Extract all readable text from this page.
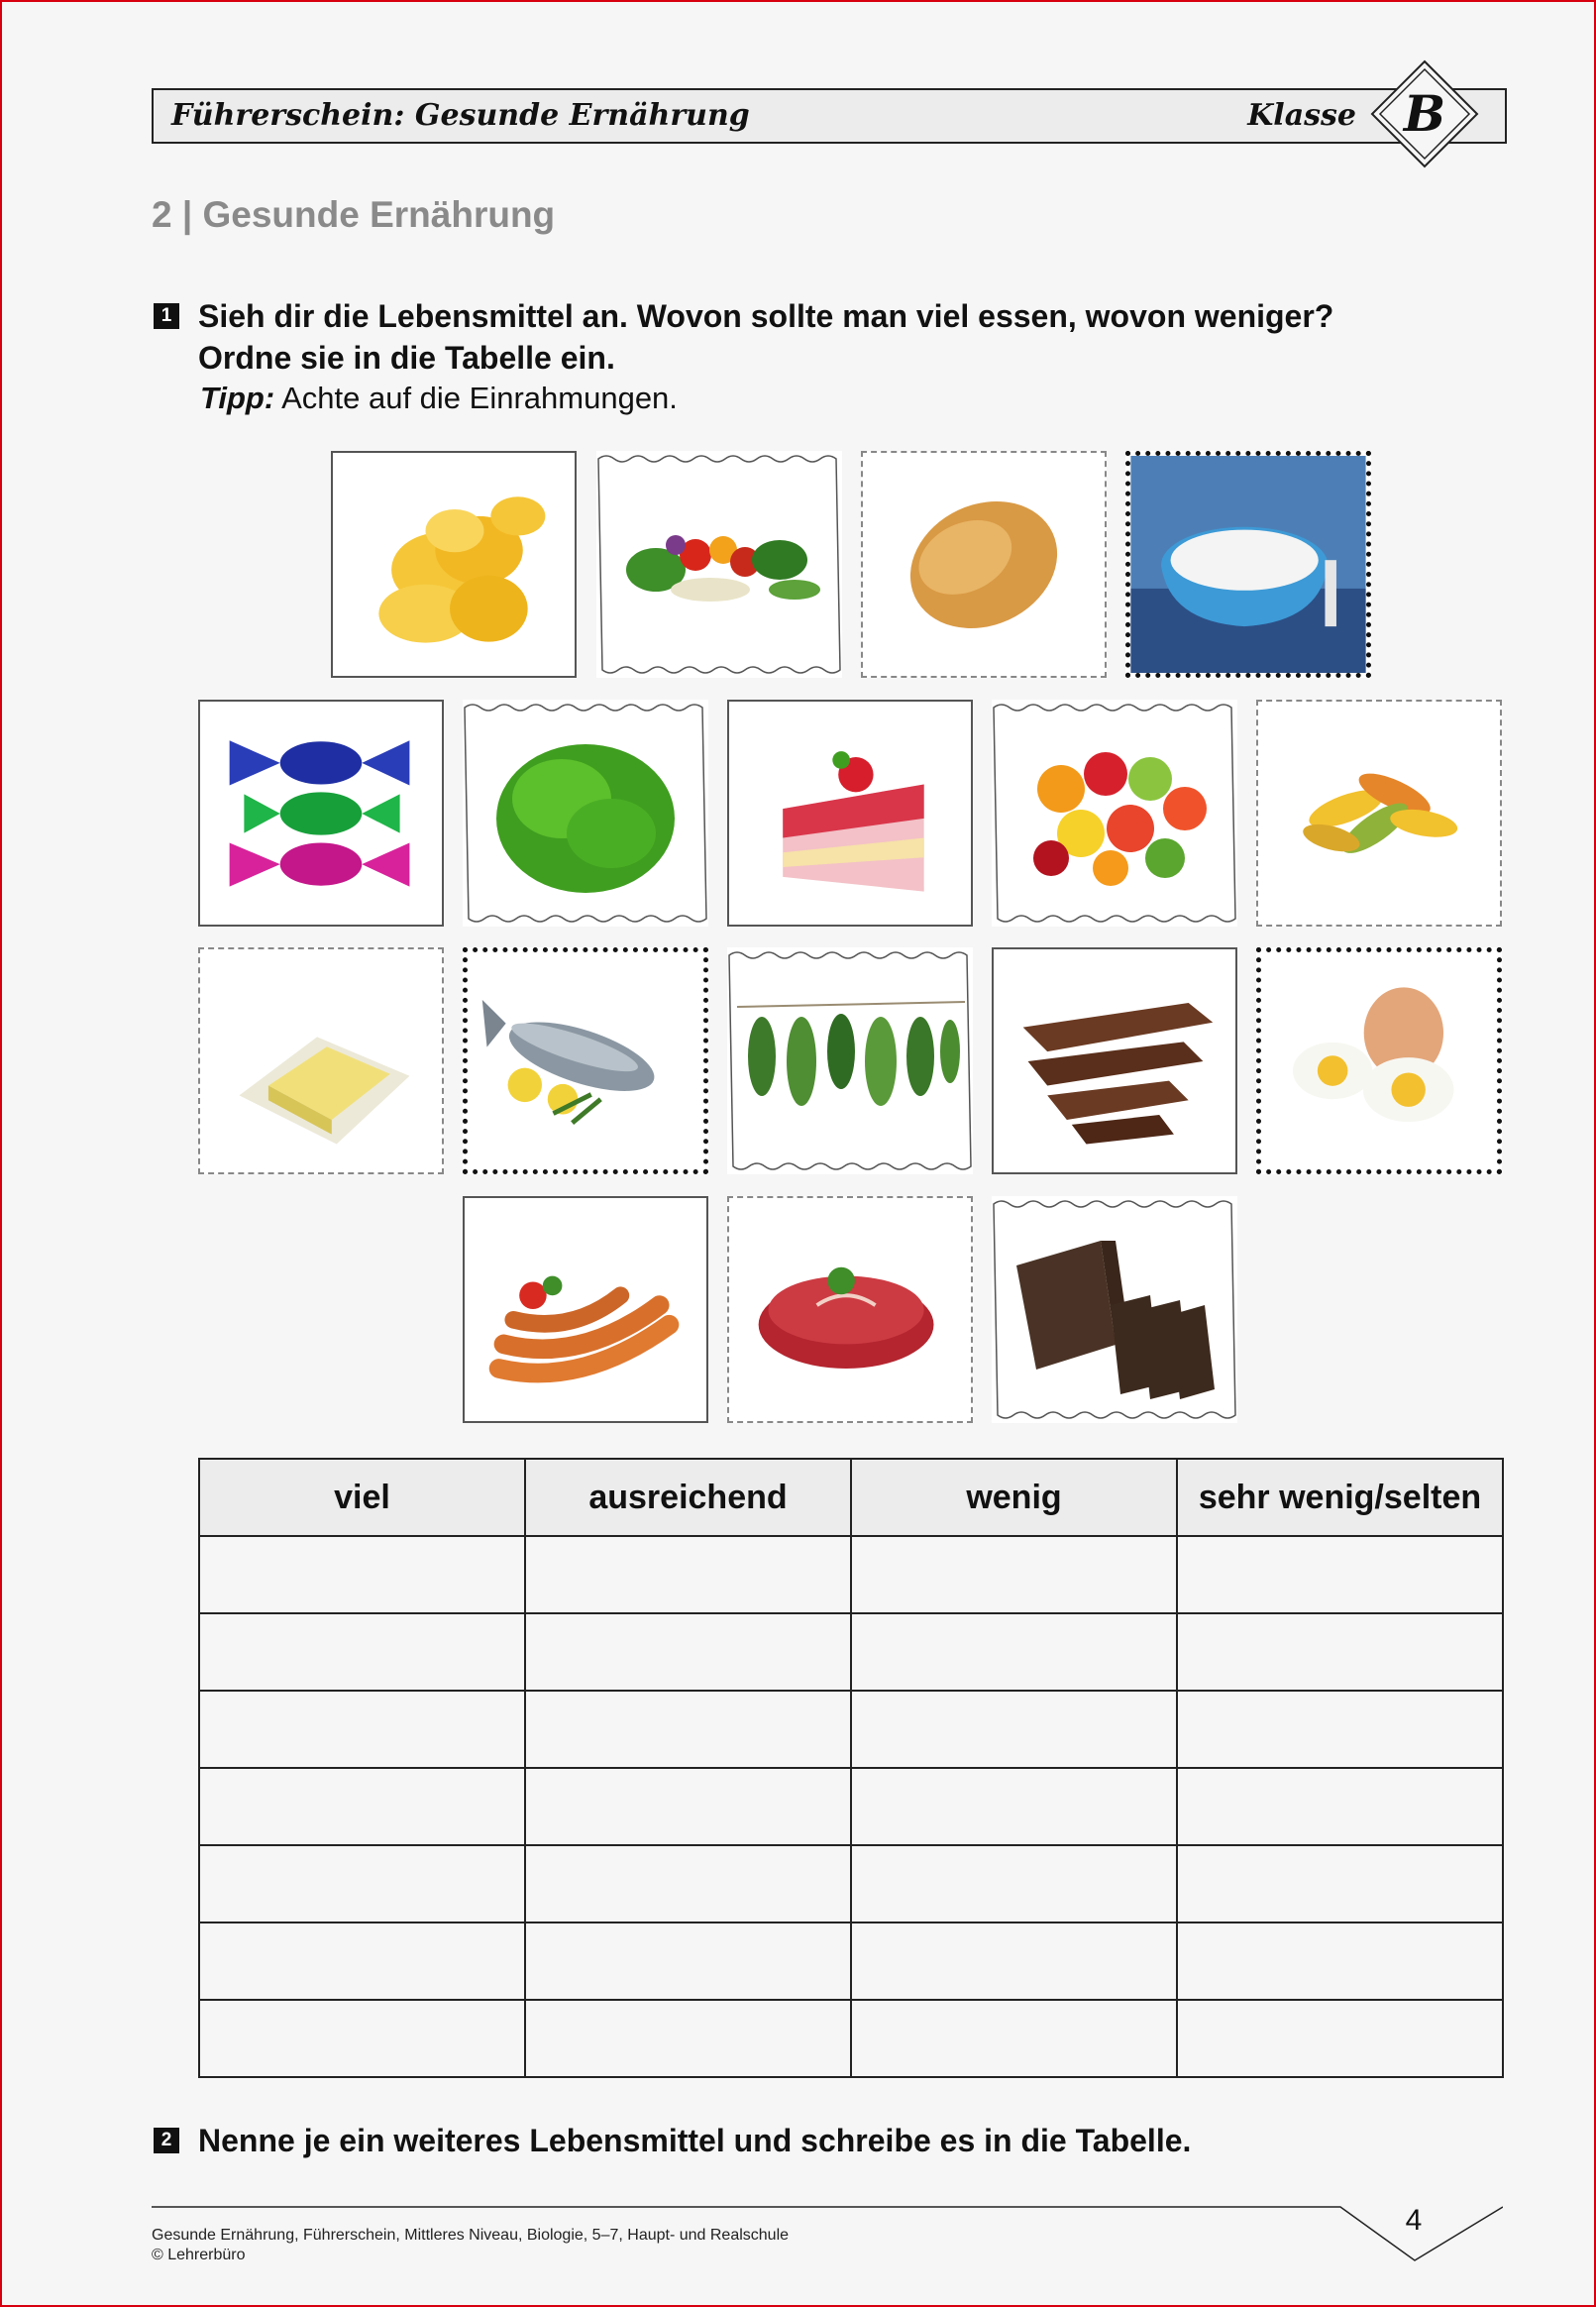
Führerschein: Gesunde Ernährung	Klasse B
2 | Gesunde Ernährung
1 Sieh dir die Lebensmittel an. Wovon sollte man viel essen, wovon weniger?
Ordne sie in die Tabelle ein.
Tipp: Achte auf die Einrahmungen.
viel	ausreichend	wenig	sehr wenig/selten

2 Nenne je ein weiteres Lebensmittel und schreibe es in die Tabelle.
Gesunde Ernährung, Führerschein, Mittleres Niveau, Biologie, 5–7, Haupt- und Realschule
© Lehrerbüro
4
